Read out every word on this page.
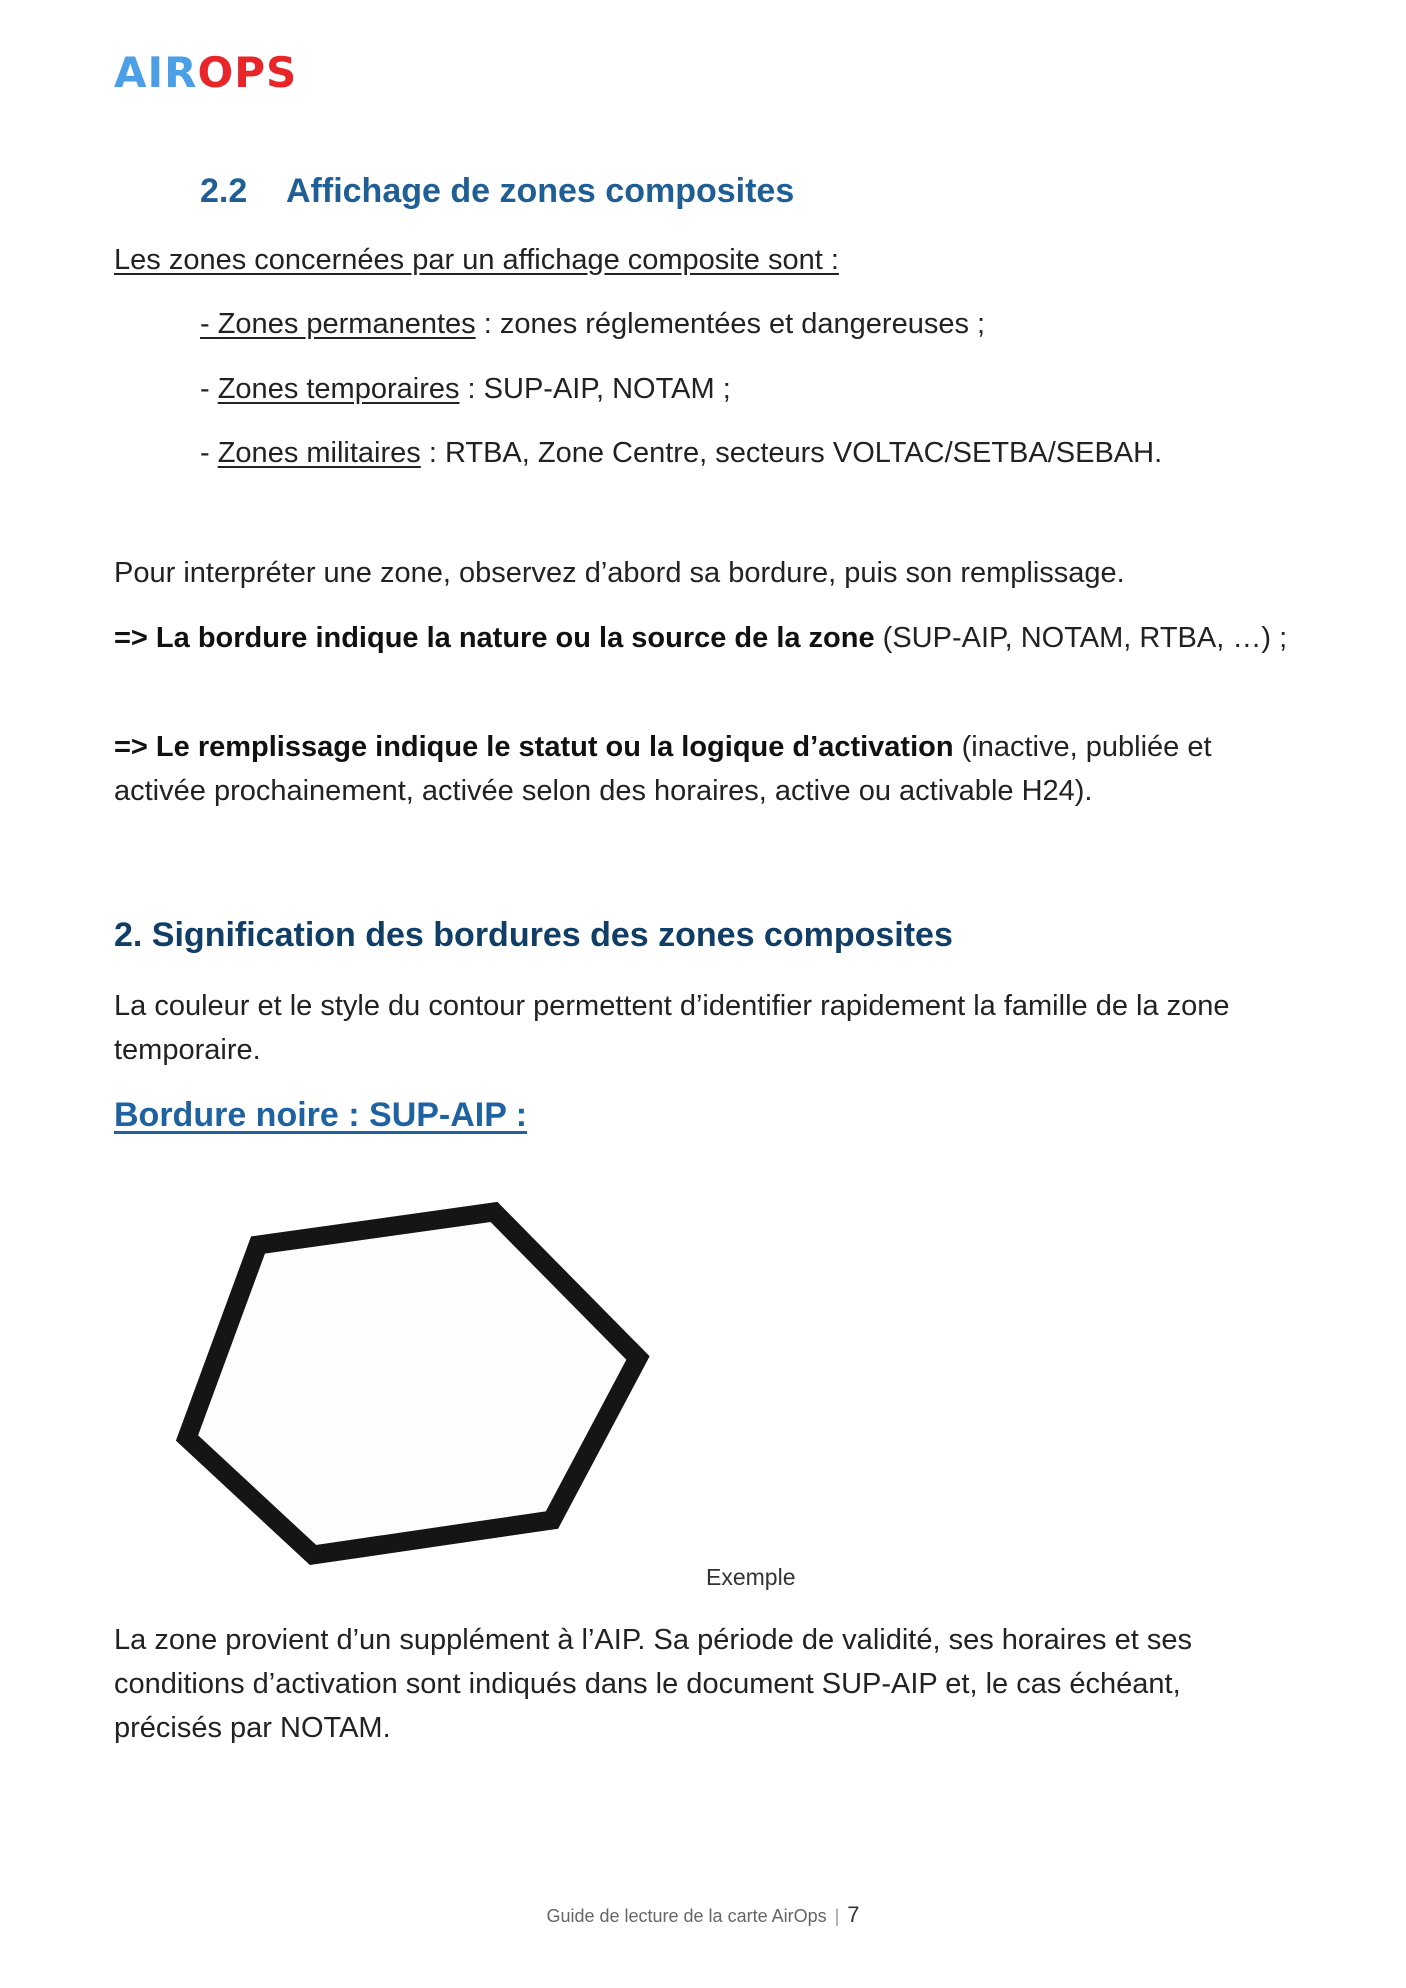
AIR OPS
2.2 Affichage de zones composites
Les zones concernées par un affichage composite sont :
- Zones permanentes : zones réglementées et dangereuses ;
- Zones temporaires : SUP-AIP, NOTAM ;
- Zones militaires : RTBA, Zone Centre, secteurs VOLTAC/SETBA/SEBAH.
Pour interpréter une zone, observez d’abord sa bordure, puis son remplissage.
=> La bordure indique la nature ou la source de la zone (SUP-AIP, NOTAM, RTBA, …) ;
=> Le remplissage indique le statut ou la logique d’activation (inactive, publiée et activée prochainement, activée selon des horaires, active ou activable H24).
2. Signification des bordures des zones composites
La couleur et le style du contour permettent d’identifier rapidement la famille de la zone temporaire.
Bordure noire : SUP-AIP :
Exemple
La zone provient d’un supplément à l’AIP. Sa période de validité, ses horaires et ses conditions d’activation sont indiqués dans le document SUP-AIP et, le cas échéant, précisés par NOTAM.
Guide de lecture de la carte AirOps | 7
